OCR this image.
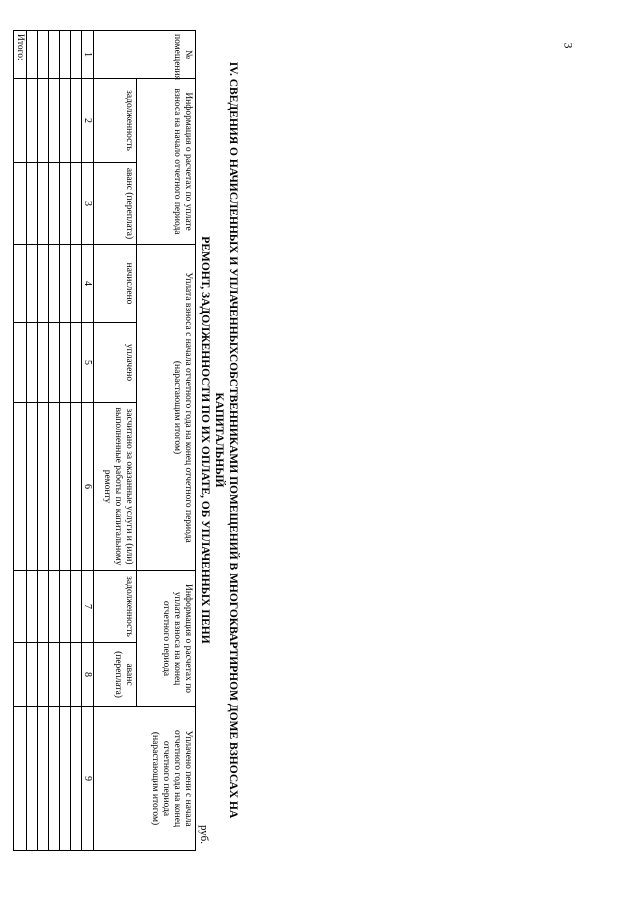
3
IV. СВЕДЕНИЯ О НАЧИСЛЕННЫХ И УПЛАЧЕННЫХСОБСТВЕННИКАМИ ПОМЕЩЕНИЙ В МНОГОКВАРТИРНОМ ДОМЕ ВЗНОСАХ НА КАПИТАЛЬНЫЙ
РЕМОНТ, ЗАДОЛЖЕННОСТИ ПО ИХ ОПЛАТЕ, ОБ УПЛАЧЕННЫХ ПЕНИ
руб.
№ помещения	Информация о расчетах по уплате взноса на начало отчетного периода		Уплата взноса с начала отчетного года на конец отчетного периода (нарастающим итогом)			Информация о расчетах по уплате взноса на конец отчетного периода		Уплачено пени с начала отчетного года на конец отчетного периода (нарастающим итогом)
	задолженность	аванс (переплата)	начислено	уплачено	засчитано за оказанные услуги и (или) выполненные работы по капитальному ремонту	задолженность	аванс (переплата)	
1	2	3	4	5	6	7	8	9

Итого:								
